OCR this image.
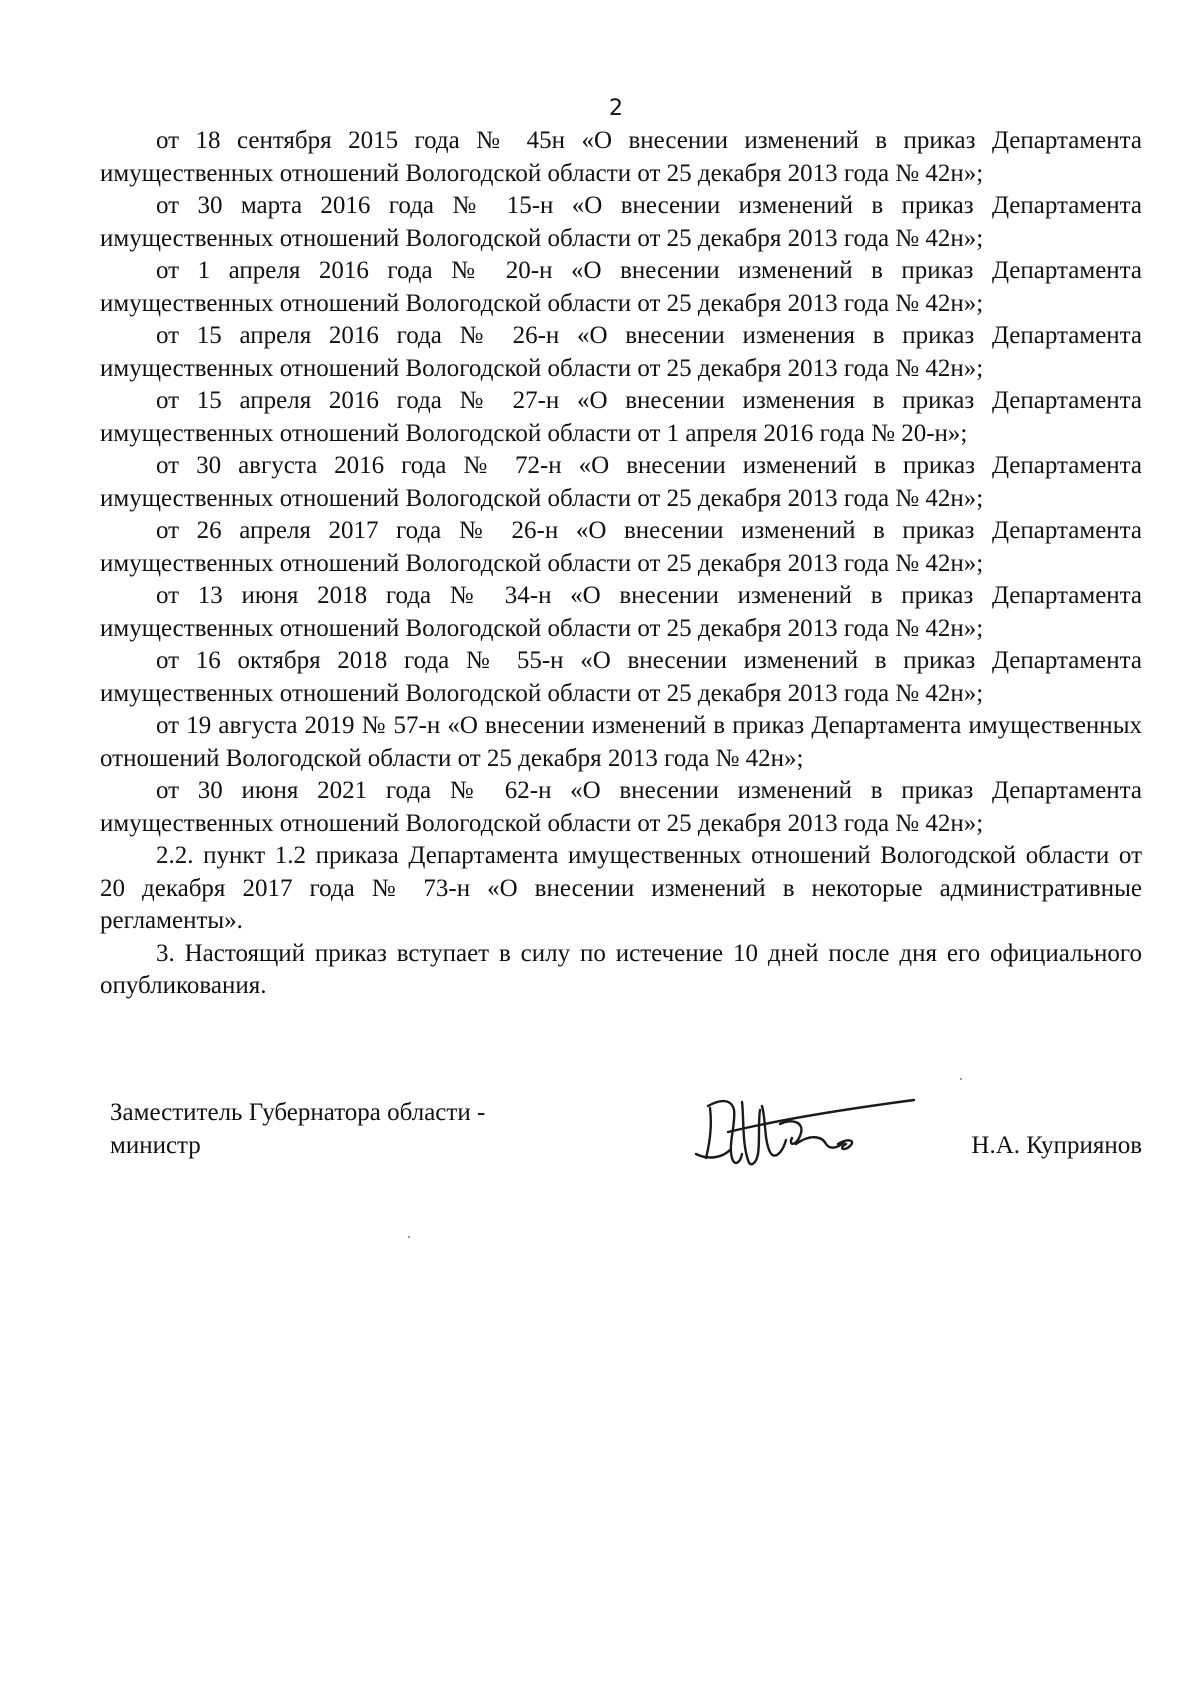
2

от 18 сентября 2015 года № 45н «О внесении изменений в приказ Департамента имущественных отношений Вологодской области от 25 декабря 2013 года № 42н»;

от 30 марта 2016 года № 15-н «О внесении изменений в приказ Департамента имущественных отношений Вологодской области от 25 декабря 2013 года № 42н»;

от 1 апреля 2016 года № 20-н «О внесении изменений в приказ Департамента имущественных отношений Вологодской области от 25 декабря 2013 года № 42н»;

от 15 апреля 2016 года № 26-н «О внесении изменения в приказ Департамента имущественных отношений Вологодской области от 25 декабря 2013 года № 42н»;

от 15 апреля 2016 года № 27-н «О внесении изменения в приказ Департамента имущественных отношений Вологодской области от 1 апреля 2016 года № 20-н»;

от 30 августа 2016 года № 72-н «О внесении изменений в приказ Департамента имущественных отношений Вологодской области от 25 декабря 2013 года № 42н»;

от 26 апреля 2017 года № 26-н «О внесении изменений в приказ Департамента имущественных отношений Вологодской области от 25 декабря 2013 года № 42н»;

от 13 июня 2018 года № 34-н «О внесении изменений в приказ Департамента имущественных отношений Вологодской области от 25 декабря 2013 года № 42н»;

от 16 октября 2018 года № 55-н «О внесении изменений в приказ Департамента имущественных отношений Вологодской области от 25 декабря 2013 года № 42н»;

от 19 августа 2019 № 57-н «О внесении изменений в приказ Департамента имущественных отношений Вологодской области от 25 декабря 2013 года № 42н»;

от 30 июня 2021 года № 62-н «О внесении изменений в приказ Департамента имущественных отношений Вологодской области от 25 декабря 2013 года № 42н»;

2.2. пункт 1.2 приказа Департамента имущественных отношений Вологодской области от 20 декабря 2017 года № 73-н «О внесении изменений в некоторые административные регламенты».

3. Настоящий приказ вступает в силу по истечение 10 дней после дня его официального опубликования.

Заместитель Губернатора области -
министр	Н.А. Куприянов
